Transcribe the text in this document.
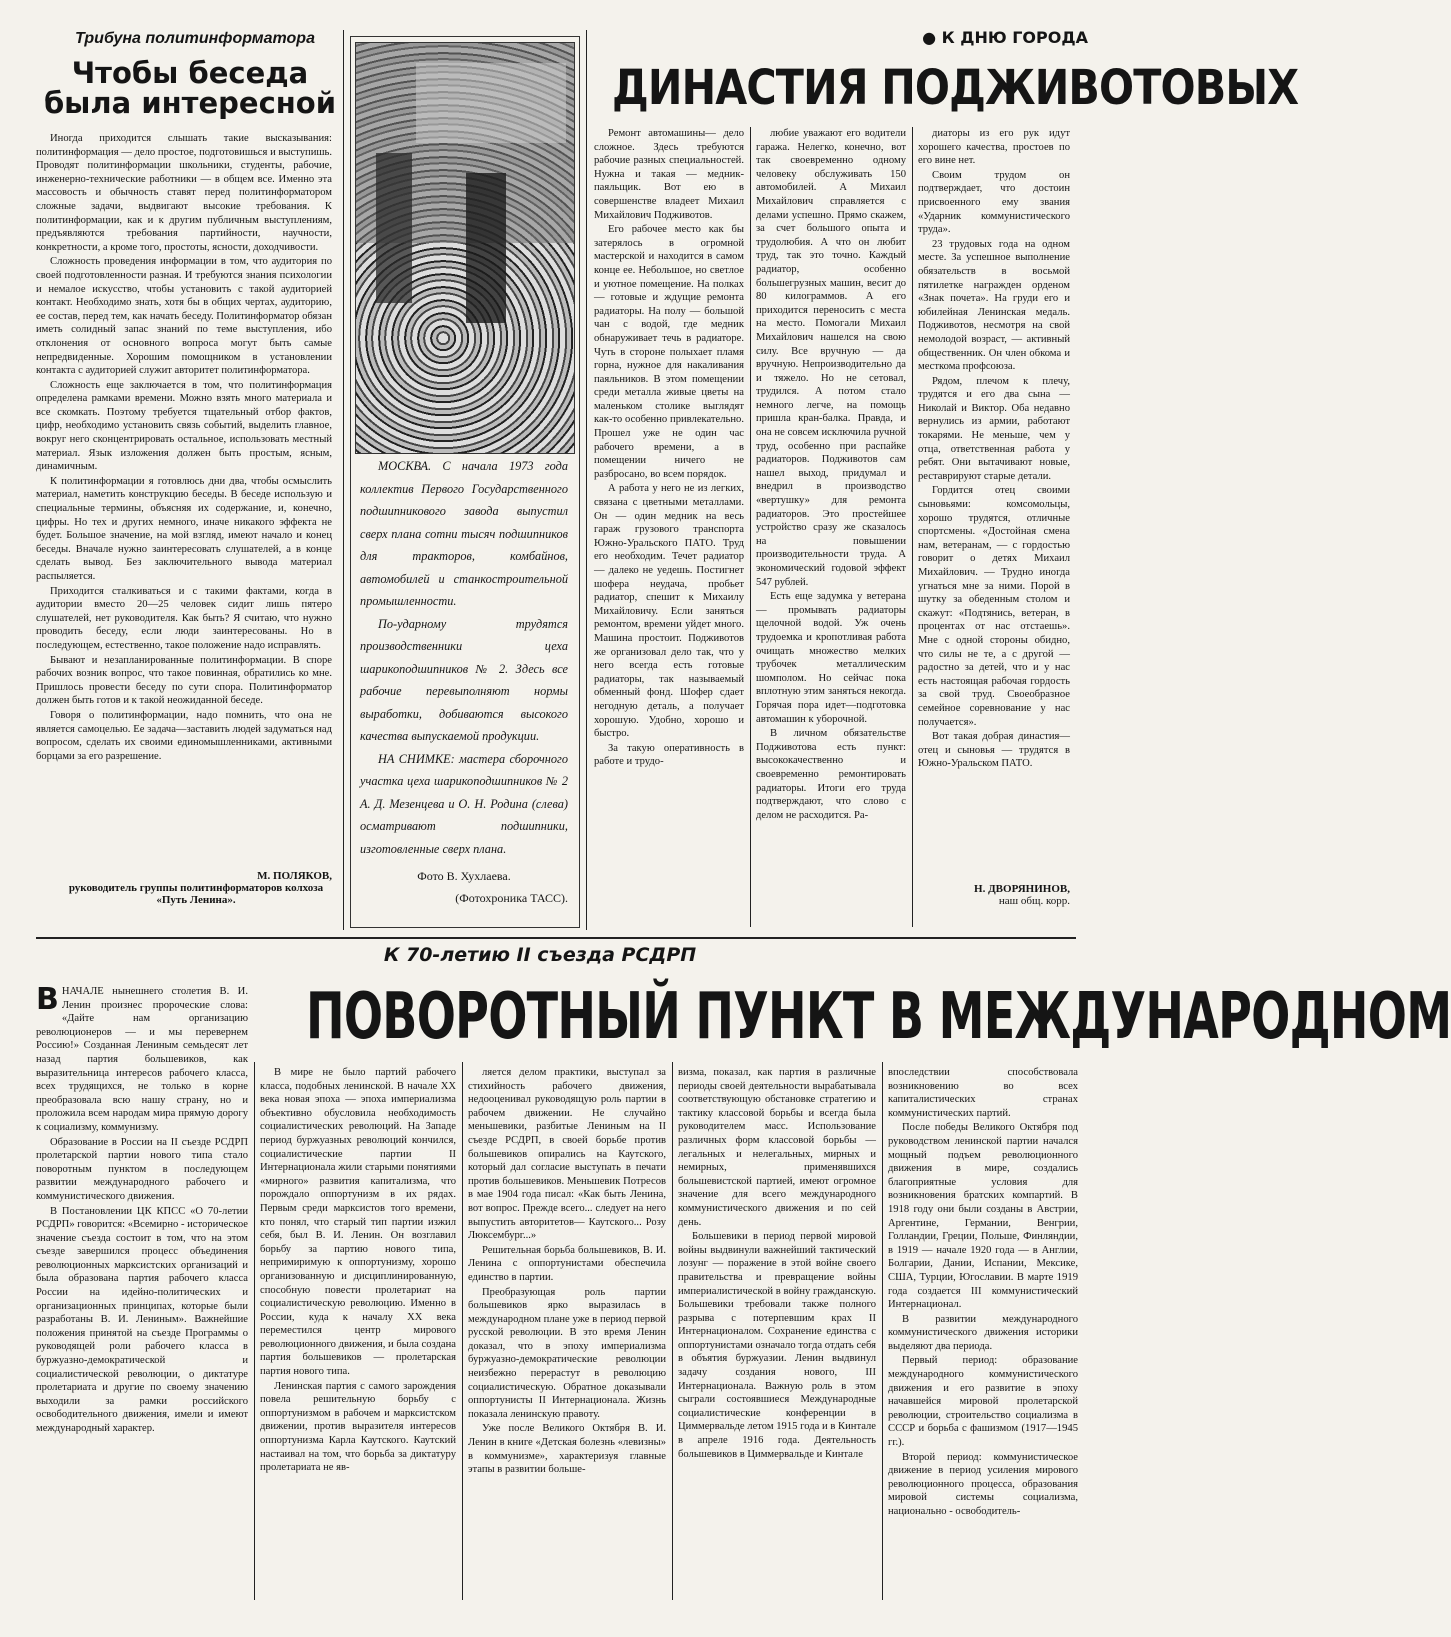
Трибуна политинформатора
Чтобы беседа
была интересной

Иногда приходится слышать такие высказывания: политинформация — дело простое, подготовишься и выступишь. Проводят политинформации школьники, студенты, рабочие, инженерно-технические работники — в общем все. Именно эта массовость и обычность ставят перед политинформатором сложные задачи, выдвигают высокие требования. К политинформации, как и к другим публичным выступлениям, предъявляются требования партийности, научности, конкретности, а кроме того, простоты, ясности, доходчивости.

Сложность проведения информации в том, что аудитория по своей подготовленности разная. И требуются знания психологии и немалое искусство, чтобы установить с такой аудиторией контакт. Необходимо знать, хотя бы в общих чертах, аудиторию, ее состав, перед тем, как начать беседу. Политинформатор обязан иметь солидный запас знаний по теме выступления, ибо отклонения от основного вопроса могут быть самые непредвиденные. Хорошим помощником в установлении контакта с аудиторией служит авторитет политинформатора.

Сложность еще заключается в том, что политинформация определена рамками времени. Можно взять много материала и все скомкать. Поэтому требуется тщательный отбор фактов, цифр, необходимо установить связь событий, выделить главное, вокруг него сконцентрировать остальное, использовать местный материал. Язык изложения должен быть простым, ясным, динамичным.

К политинформации я готовлюсь дни два, чтобы осмыслить материал, наметить конструкцию беседы. В беседе использую и специальные термины, объясняя их содержание, и, конечно, цифры. Но тех и других немного, иначе никакого эффекта не будет. Большое значение, на мой взгляд, имеют начало и конец беседы. Вначале нужно заинтересовать слушателей, а в конце сделать вывод. Без заключительного вывода материал распыляется.

Приходится сталкиваться и с такими фактами, когда в аудитории вместо 20—25 человек сидит лишь пятеро слушателей, нет руководителя. Как быть? Я считаю, что нужно проводить беседу, если люди заинтересованы. Но в последующем, естественно, такое положение надо исправлять.

Бывают и незапланированные политинформации. В споре рабочих возник вопрос, что такое повинная, обратились ко мне. Пришлось провести беседу по сути спора. Политинформатор должен быть готов и к такой неожиданной беседе.

Говоря о политинформации, надо помнить, что она не является самоцелью. Ее задача—заставить людей задуматься над вопросом, сделать их своими единомышленниками, активными борцами за его разрешение.

М. ПОЛЯКОВ,
руководитель группы политинформаторов колхоза «Путь Ленина».

МОСКВА. С начала 1973 года коллектив Первого Государственного подшипникового завода выпустил сверх плана сотни тысяч подшипников для тракторов, комбайнов, автомобилей и станкостроительной промышленности.

По-ударному трудятся производственники цеха шарикоподшипников № 2. Здесь все рабочие перевыполняют нормы выработки, добиваются высокого качества выпускаемой продукции.

НА СНИМКЕ: мастера сборочного участка цеха шарикоподшипников № 2 А. Д. Мезенцева и О. Н. Родина (слева) осматривают подшипники, изготовленные сверх плана.

Фото В. Хухлаева.
(Фотохроника ТАСС).
● К ДНЮ ГОРОДА
ДИНАСТИЯ ПОДЖИВОТОВЫХ

Ремонт автомашины— дело сложное. Здесь требуются рабочие разных специальностей. Нужна и такая — медник-паяльщик. Вот ею в совершенстве владеет Михаил Михайлович Подживотов.

Его рабочее место как бы затерялось в огромной мастерской и находится в самом конце ее. Небольшое, но светлое и уютное помещение. На полках — готовые и ждущие ремонта радиаторы. На полу — большой чан с водой, где медник обнаруживает течь в радиаторе. Чуть в стороне полыхает пламя горна, нужное для накаливания паяльников. В этом помещении среди металла живые цветы на маленьком столике выглядят как-то особенно привлекательно. Прошел уже не один час рабочего времени, а в помещении ничего не разбросано, во всем порядок.

А работа у него не из легких, связана с цветными металлами. Он — один медник на весь гараж грузового транспорта Южно-Уральского ПАТО. Труд его необходим. Течет радиатор — далеко не уедешь. Постигнет шофера неудача, пробьет радиатор, спешит к Михаилу Михайловичу. Если заняться ремонтом, времени уйдет много. Машина простоит. Подживотов же организовал дело так, что у него всегда есть готовые радиаторы, так называемый обменный фонд. Шофер сдает негодную деталь, а получает хорошую. Удобно, хорошо и быстро.

За такую оперативность в работе и трудо-

любие уважают его водители гаража. Нелегко, конечно, вот так своевременно одному человеку обслуживать 150 автомобилей. А Михаил Михайлович справляется с делами успешно. Прямо скажем, за счет большого опыта и трудолюбия. А что он любит труд, так это точно. Каждый радиатор, особенно большегрузных машин, весит до 80 килограммов. А его приходится переносить с места на место. Помогали Михаил Михайлович нашелся на свою силу. Все вручную — да вручную. Непроизводительно да и тяжело. Но не сетовал, трудился. А потом стало немного легче, на помощь пришла кран-балка. Правда, и она не совсем исключила ручной труд, особенно при распайке радиаторов. Подживотов сам нашел выход, придумал и внедрил в производство «вертушку» для ремонта радиаторов. Это простейшее устройство сразу же сказалось на повышении производительности труда. А экономический годовой эффект 547 рублей.

Есть еще задумка у ветерана — промывать радиаторы щелочной водой. Уж очень трудоемка и кропотливая работа очищать множество мелких трубочек металлическим шомполом. Но сейчас пока вплотную этим заняться некогда. Горячая пора идет—подготовка автомашин к уборочной.

В личном обязательстве Подживотова есть пункт: высококачественно и своевременно ремонтировать радиаторы. Итоги его труда подтверждают, что слово с делом не расходится. Ра-

диаторы из его рук идут хорошего качества, простоев по его вине нет.

Своим трудом он подтверждает, что достоин присвоенного ему звания «Ударник коммунистического труда».

23 трудовых года на одном месте. За успешное выполнение обязательств в восьмой пятилетке награжден орденом «Знак почета». На груди его и юбилейная Ленинская медаль. Подживотов, несмотря на свой немолодой возраст, — активный общественник. Он член обкома и месткома профсоюза.

Рядом, плечом к плечу, трудятся и его два сына — Николай и Виктор. Оба недавно вернулись из армии, работают токарями. Не меньше, чем у отца, ответственная работа у ребят. Они вытачивают новые, реставрируют старые детали.

Гордится отец своими сыновьями: комсомольцы, хорошо трудятся, отличные спортсмены. «Достойная смена нам, ветеранам, — с гордостью говорит о детях Михаил Михайлович. — Трудно иногда угнаться мне за ними. Порой в шутку за обеденным столом и скажут: «Подтянись, ветеран, в процентах от нас отстаешь». Мне с одной стороны обидно, что силы не те, а с другой — радостно за детей, что и у нас есть настоящая рабочая гордость за свой труд. Своеобразное семейное соревнование у нас получается».

Вот такая добрая династия—отец и сыновья — трудятся в Южно-Уральском ПАТО.

Н. ДВОРЯНИНОВ,
наш общ. корр.
К 70-летию II съезда РСДРП
ПОВОРОТНЫЙ ПУНКТ В МЕЖДУНАРОДНОМ
В НАЧАЛЕ нынешнего столетия В. И. Ленин произнес пророческие слова: «Дайте нам организацию революционеров — и мы перевернем Россию!» Созданная Лениным семьдесят лет назад партия большевиков, как выразительница интересов рабочего класса, всех трудящихся, не только в корне преобразовала всю нашу страну, но и проложила всем народам мира прямую дорогу к социализму, коммунизму.

Образование в России на II съезде РСДРП пролетарской партии нового типа стало поворотным пунктом в последующем развитии международного рабочего и коммунистического движения.

В Постановлении ЦК КПСС «О 70-летии РСДРП» говорится: «Всемирно - историческое значение съезда состоит в том, что на этом съезде завершился процесс объединения революционных марксистских организаций и была образована партия рабочего класса России на идейно-политических и организационных принципах, которые были разработаны В. И. Лениным». Важнейшие положения принятой на съезде Программы о руководящей роли рабочего класса в буржуазно-демократической и социалистической революции, о диктатуре пролетариата и другие по своему значению выходили за рамки российского освободительного движения, имели и имеют международный характер.

В мире не было партий рабочего класса, подобных ленинской. В начале XX века новая эпоха — эпоха империализма объективно обусловила необходимость социалистических революций. На Западе период буржуазных революций кончился, социалистические партии II Интернационала жили старыми понятиями «мирного» развития капитализма, что порождало оппортунизм в их рядах. Первым среди марксистов того времени, кто понял, что старый тип партии изжил себя, был В. И. Ленин. Он возглавил борьбу за партию нового типа, непримиримую к оппортунизму, хорошо организованную и дисциплинированную, способную повести пролетариат на социалистическую революцию. Именно в России, куда к началу XX века переместился центр мирового революционного движения, и была создана партия большевиков — пролетарская партия нового типа.

Ленинская партия с самого зарождения повела решительную борьбу с оппортунизмом в рабочем и марксистском движении, против выразителя интересов оппортунизма Карла Каутского. Каутский настаивал на том, что борьба за диктатуру пролетариата не яв-

ляется делом практики, выступал за стихийность рабочего движения, недооценивал руководящую роль партии в рабочем движении. Не случайно меньшевики, разбитые Лениным на II съезде РСДРП, в своей борьбе против большевиков опирались на Каутского, который дал согласие выступать в печати против большевиков. Меньшевик Потресов в мае 1904 года писал: «Как быть Ленина, вот вопрос. Прежде всего... следует на него выпустить авторитетов— Каутского... Розу Люксембург...»

Решительная борьба большевиков, В. И. Ленина с оппортунистами обеспечила единство в партии.

Преобразующая роль партии большевиков ярко выразилась в международном плане уже в период первой русской революции. В это время Ленин доказал, что в эпоху империализма буржуазно-демократические революции неизбежно перерастут в революцию социалистическую. Обратное доказывали оппортунисты II Интернационала. Жизнь показала ленинскую правоту.

Уже после Великого Октября В. И. Ленин в книге «Детская болезнь «левизны» в коммунизме», характеризуя главные этапы в развитии больше-

визма, показал, как партия в различные периоды своей деятельности вырабатывала соответствующую обстановке стратегию и тактику классовой борьбы и всегда была руководителем масс. Использование различных форм классовой борьбы — легальных и нелегальных, мирных и немирных, применявшихся большевистской партией, имеют огромное значение для всего международного коммунистического движения и по сей день.

Большевики в период первой мировой войны выдвинули важнейший тактический лозунг — поражение в этой войне своего правительства и превращение войны империалистической в войну гражданскую. Большевики требовали также полного разрыва с потерпевшим крах II Интернационалом. Сохранение единства с оппортунистами означало тогда отдать себя в объятия буржуазии. Ленин выдвинул задачу создания нового, III Интернационала. Важную роль в этом сыграли состоявшиеся Международные социалистические конференции в Циммервальде летом 1915 года и в Кинтале в апреле 1916 года. Деятельность большевиков в Циммервальде и Кинтале

впоследствии способствовала возникновению во всех капиталистических странах коммунистических партий.

После победы Великого Октября под руководством ленинской партии начался мощный подъем революционного движения в мире, создались благоприятные условия для возникновения братских компартий. В 1918 году они были созданы в Австрии, Аргентине, Германии, Венгрии, Голландии, Греции, Польше, Финляндии, в 1919 — начале 1920 года — в Англии, Болгарии, Дании, Испании, Мексике, США, Турции, Югославии. В марте 1919 года создается III коммунистический Интернационал.

В развитии международного коммунистического движения историки выделяют два периода.

Первый период: образование международного коммунистического движения и его развитие в эпоху начавшейся мировой пролетарской революции, строительство социализма в СССР и борьба с фашизмом (1917—1945 гг.).

Второй период: коммунистическое движение в период усиления мирового революционного процесса, образования мировой системы социализма, национально - освободитель-
